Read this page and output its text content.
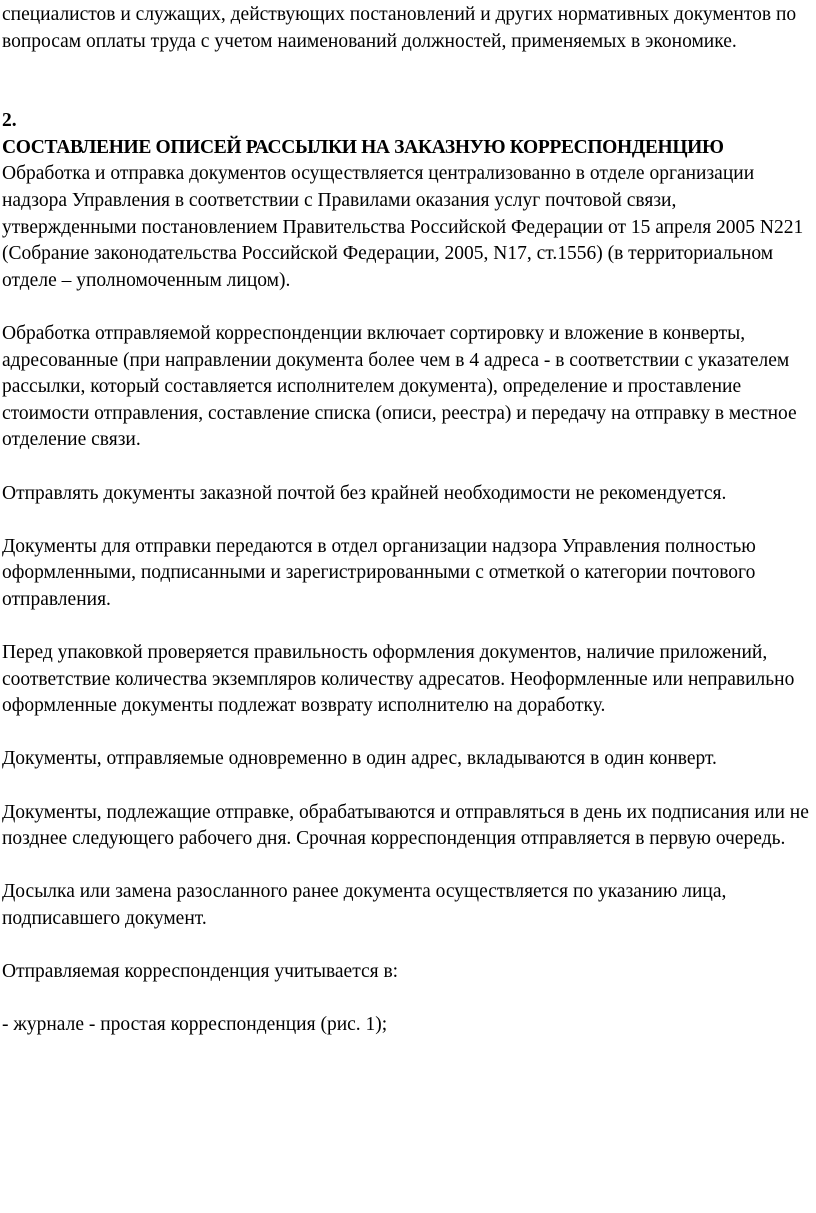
специалистов и служащих, действующих постановлений и других нормативных документов по вопросам оплаты труда с учетом наименований должностей, применяемых в экономике.

2.

СОСТАВЛЕНИЕ ОПИСЕЙ РАССЫЛКИ НА ЗАКАЗНУЮ КОРРЕСПОНДЕНЦИЮ

Обработка и отправка документов осуществляется централизованно в отделе организации надзора Управления в соответствии с Правилами оказания услуг почтовой связи, утвержденными постановлением Правительства Российской Федерации от 15 апреля 2005 N221 (Собрание законодательства Российской Федерации, 2005, N17, ст.1556) (в территориальном отделе – уполномоченным лицом).

Обработка отправляемой корреспонденции включает сортировку и вложение в конверты, адресованные (при направлении документа более чем в 4 адреса - в соответствии с указателем рассылки, который составляется исполнителем документа), определение и проставление стоимости отправления, составление списка (описи, реестра) и передачу на отправку в местное отделение связи.

Отправлять документы заказной почтой без крайней необходимости не рекомендуется.

Документы для отправки передаются в отдел организации надзора Управления полностью оформленными, подписанными и зарегистрированными с отметкой о категории почтового отправления.

Перед упаковкой проверяется правильность оформления документов, наличие приложений, соответствие количества экземпляров количеству адресатов. Неоформленные или неправильно оформленные документы подлежат возврату исполнителю на доработку.

Документы, отправляемые одновременно в один адрес, вкладываются в один конверт.

Документы, подлежащие отправке, обрабатываются и отправляться в день их подписания или не позднее следующего рабочего дня. Срочная корреспонденция отправляется в первую очередь.

Досылка или замена разосланного ранее документа осуществляется по указанию лица, подписавшего документ.

Отправляемая корреспонденция учитывается в:

- журнале - простая корреспонденция (рис. 1);
